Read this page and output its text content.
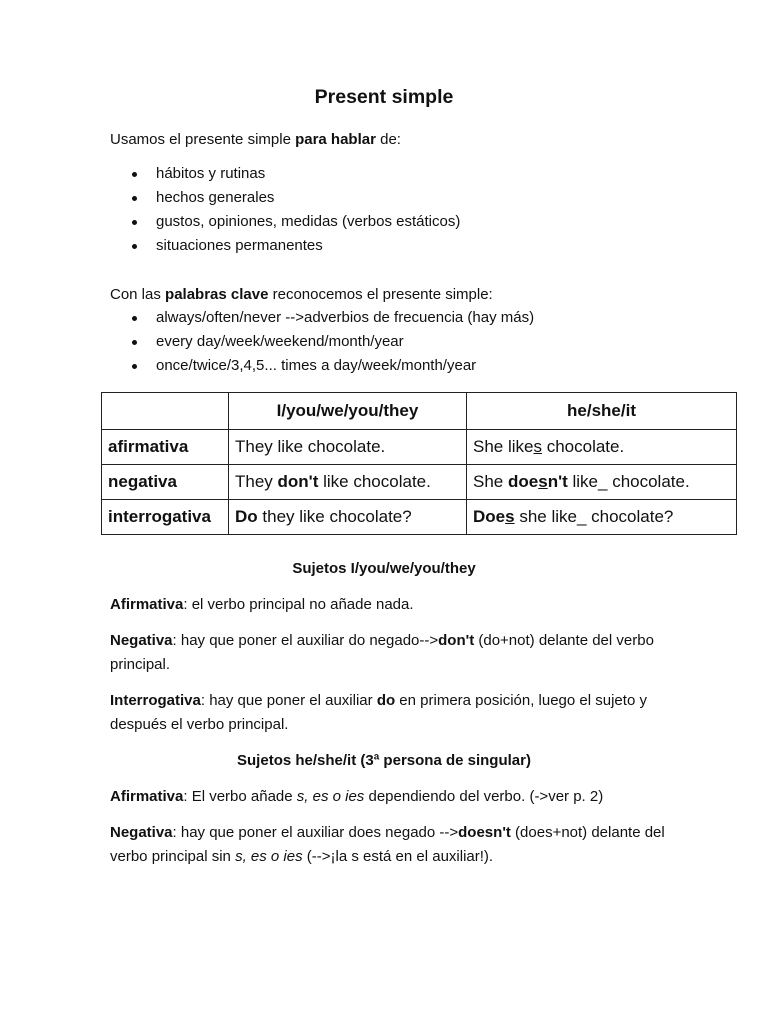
Present simple
Usamos el presente simple para hablar de:
hábitos y rutinas
hechos generales
gustos, opiniones, medidas (verbos estáticos)
situaciones permanentes
Con las palabras clave reconocemos el presente simple:
always/often/never -->adverbios de frecuencia (hay más)
every day/week/weekend/month/year
once/twice/3,4,5... times a day/week/month/year
	I/you/we/you/they	he/she/it
afirmativa	They like chocolate.	She likes chocolate.
negativa	They don't like chocolate.	She doesn't like_ chocolate.
interrogativa	Do they like chocolate?	Does she like_ chocolate?
Sujetos I/you/we/you/they
Afirmativa: el verbo principal no añade nada.
Negativa: hay que poner el auxiliar do negado-->don't (do+not) delante del verbo principal.
Interrogativa: hay que poner el auxiliar do en primera posición, luego el sujeto y después el verbo principal.
Sujetos he/she/it (3ª persona de singular)
Afirmativa: El verbo añade s, es o ies dependiendo del verbo. (->ver p. 2)
Negativa: hay que poner el auxiliar does negado -->doesn't (does+not) delante del verbo principal sin s, es o ies (-->¡la s está en el auxiliar!).
